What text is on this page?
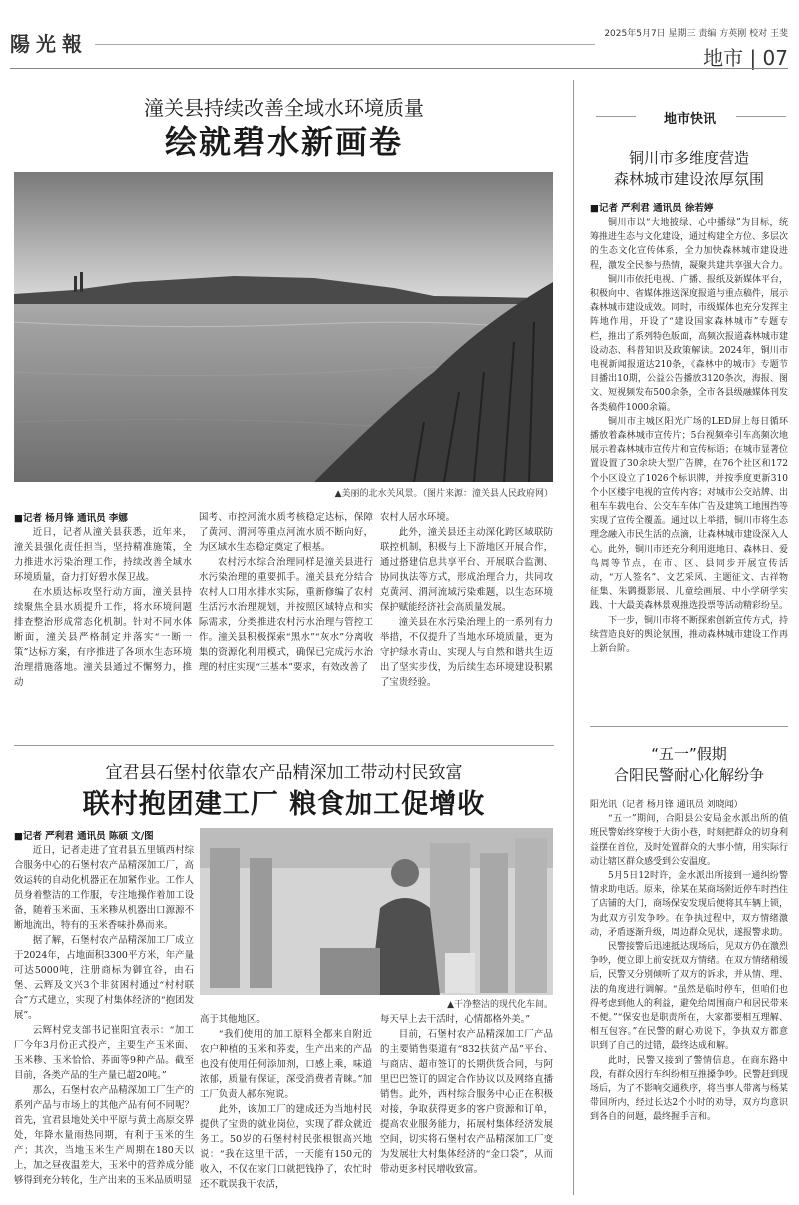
陽光報	2025年5月7日 星期三 责编 方英刚 校对 王斐
地市 | 07
潼关县持续改善全域水环境质量
绘就碧水新画卷
▲美丽的北水关风景。（图片来源：潼关县人民政府网）
■记者 杨月锋 通讯员 李娜

近日，记者从潼关县获悉，近年来，潼关县强化责任担当，坚持精准施策，全力推进水污染治理工作，持续改善全域水环境质量，奋力打好碧水保卫战。

在水质达标攻坚行动方面，潼关县持续聚焦全县水质提升工作，将水环境问题排查整治形成常态化机制。针对不同水体断面，潼关县严格制定并落实“一断一策”达标方案，有序推进了各项水生态环境治理措施落地。潼关县通过不懈努力，推动

国考、市控河流水质考核稳定达标，保障了黄河、渭河等重点河流水质不断向好，为区域水生态稳定奠定了根基。

农村污水综合治理同样是潼关县进行水污染治理的重要抓手。潼关县充分结合农村人口用水排水实际，重新修编了农村生活污水治理规划，并按照区域特点和实际需求，分类推进农村污水治理与管控工作。潼关县积极探索“黑水”“灰水”分离收集的资源化利用模式，确保已完成污水治理的村庄实现“三基本”要求，有效改善了

农村人居水环境。

此外，潼关县还主动深化跨区域联防联控机制，积极与上下游地区开展合作，通过搭建信息共享平台、开展联合监测、协同执法等方式，形成治理合力，共同攻克黄河、渭河流域污染难题，以生态环境保护赋能经济社会高质量发展。

潼关县在水污染治理上的一系列有力举措，不仅提升了当地水环境质量，更为守护绿水青山、实现人与自然和谐共生迈出了坚实步伐，为后续生态环境建设积累了宝贵经验。

宜君县石堡村依靠农产品精深加工带动村民致富
联村抱团建工厂 粮食加工促增收
■记者 严利君 通讯员 陈硕 文/图

近日，记者走进了宜君县五里镇西村综合服务中心的石堡村农产品精深加工厂，高效运转的自动化机器正在加紧作业。工作人员身着整洁的工作服，专注地操作着加工设备，随着玉米面、玉米糁从机器出口源源不断地流出，特有的玉米香味扑鼻而来。

据了解，石堡村农产品精深加工厂成立于2024年，占地面积3300平方米，年产量可达5000吨，注册商标为御宜谷，由石堡、云辉及文兴3个非贫困村通过“村村联合”方式建立，实现了村集体经济的“抱团发展”。

云辉村党支部书记崔阳宜表示：“加工厂今年3月份正式投产，主要生产玉米面、玉米糁、玉米恰恰、荞面等9种产品。截至目前，各类产品的生产量已超20吨。”

那么，石堡村农产品精深加工厂生产的系列产品与市场上的其他产品有何不同呢？首先，宜君县地处关中平原与黄土高原交界处，年降水量雨热同期，有利于玉米的生产；其次，当地玉米生产周期在180天以上，加之昼夜温差大，玉米中的营养成分能够得到充分转化，生产出来的玉米品质明显

▲干净整洁的现代化车间。

高于其他地区。

“我们使用的加工原料全都来自附近农户种植的玉米和荞麦，生产出来的产品也没有使用任何添加剂，口感上乘，味道浓郁，质量有保证，深受消费者青睐。”加工厂负责人郝东宛说。

此外，该加工厂的建成还为当地村民提供了宝贵的就业岗位，实现了群众就近务工。50岁的石堡村村民张根银高兴地说：“我在这里干活，一天能有150元的收入，不仅在家门口就把钱挣了，农忙时还不耽误我干农活，

每天早上去干活时，心情都格外美。”

目前，石堡村农产品精深加工厂产品的主要销售渠道有“832扶贫产品”平台、与商店、超市签订的长期供货合同，与阿里巴巴签订的固定合作协议以及网络直播销售。此外，西村综合服务中心正在积极对接，争取获得更多的客户资源和订单，提高农业服务能力，拓展村集体经济发展空间，切实将石堡村农产品精深加工厂变为发展壮大村集体经济的“金口袋”，从而带动更多村民增收致富。

地市快讯
铜川市多维度营造
森林城市建设浓厚氛围
■记者 严利君 通讯员 徐若婷

铜川市以“大地披绿、心中播绿”为目标，统筹推进生态与文化建设，通过构建全方位、多层次的生态文化宣传体系，全力加快森林城市建设进程，激发全民参与热情，凝聚共建共享强大合力。

铜川市依托电视、广播、报纸及新媒体平台，积极向中、省媒体推送深度报道与重点稿件，展示森林城市建设成效。同时，市级媒体也充分发挥主阵地作用，开设了“建设国家森林城市”专题专栏，推出了系列特色版面，高频次报道森林城市建设动态、科普知识及政策解读。2024年，铜川市电视新闻报道达210条，《森林中的城市》专题节目播出10期，公益公告播放3120条次，海报、图文、短视频发布500余条，全市各县级融媒体刊发各类稿件1000余篇。

铜川市主城区阳光广场的LED屏上每日循环播放着森林城市宣传片；5台视频牵引车高频次地展示着森林城市宣传片和宣传标语；在城市显著位置设置了30余块大型广告牌，在76个社区和172个小区设立了1026个标识牌，并按季度更新310个小区楼宇电视的宣传内容；对城市公交站牌、出租车车载电台、公交车车体广告及建筑工地围挡等实现了宣传全覆盖。通过以上举措，铜川市将生态理念融入市民生活的点滴，让森林城市建设深入人心。此外，铜川市还充分利用逛地日、森林日、爱鸟周等节点，在市、区、县同步开展宣传活动，“万人签名”、文艺采风、主题征文、古祥物征集、朱鹮摄影展、儿童绘画展、中小学研学实践、十大最美森林景观推选投票等活动精彩纷呈。

下一步，铜川市将不断探索创新宣传方式，持续营造良好的舆论氛围，推动森林城市建设工作再上新台阶。

“五一”假期
合阳民警耐心化解纷争
阳光讯（记者 杨月锋 通讯员 刘晓闻）

“五一”期间，合阳县公安局金水派出所的值班民警始终穿梭于大街小巷，时刻把群众的切身利益摆在首位，及时处置群众的大事小情，用实际行动让辖区群众感受到公安温度。

5月5日12时许，金水派出所接到一通纠纷警情求助电话。原来，徐某在某商场附近停车时挡住了店铺的大门，商场保安发现后便将其车辆上锁，为此双方引发争吵。在争执过程中，双方情绪激动，矛盾逐渐升级，周边群众见状，遂报警求助。

民警接警后迅速抵达现场后，见双方仍在激烈争吵，便立即上前安抚双方情绪。在双方情绪稍缓后，民警又分别倾听了双方的诉求，并从情、理、法的角度进行调解。“虽然是临时停车，但咱们也得考虑到他人的利益，避免给周围商户和居民带来不便。”“保安也是职责所在，大家都要相互理解、相互包容。”在民警的耐心劝说下，争执双方都意识到了自己的过错，最终达成和解。

此时，民警又接到了警情信息，在商东路中段，有群众因行车纠纷相互推搡争吵。民警赶到现场后，为了不影响交通秩序，将当事人带离与杨某带回所内，经过长达2个小时的劝导，双方均意识到各自的问题，最终握手言和。
